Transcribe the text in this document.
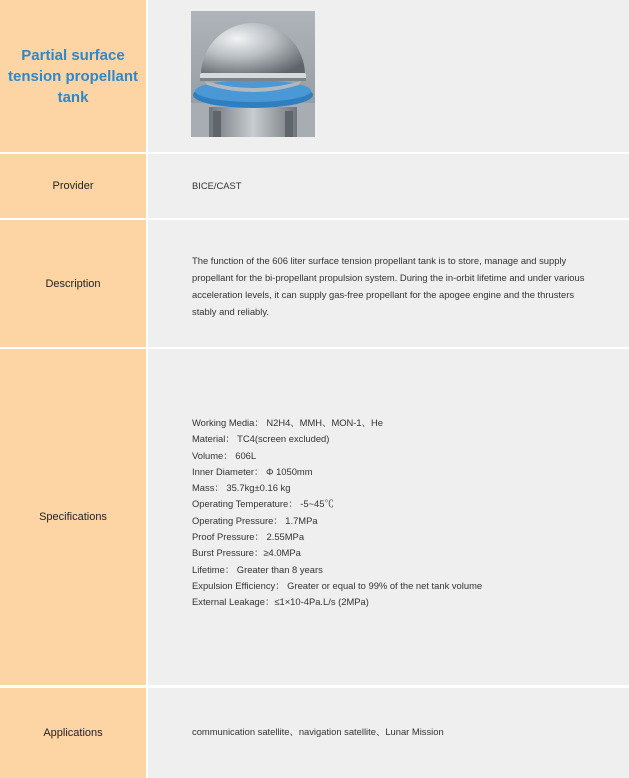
Partial surface tension propellant tank
Provider	BICE/CAST
Description
The function of the 606 liter surface tension propellant tank is to store, manage and supply propellant for the bi-propellant propulsion system. During the in-orbit lifetime and under various acceleration levels, it can supply gas-free propellant for the apogee engine and the thrusters stably and reliably.
Specifications
Working Media： N2H4、MMH、MON-1、He
Material： TC4(screen excluded)
Volume： 606L
Inner Diameter： Φ 1050mm
Mass： 35.7kg±0.16 kg
Operating Temperature： -5~45℃
Operating Pressure： 1.7MPa
Proof Pressure： 2.55MPa
Burst Pressure：≥4.0MPa
Lifetime： Greater than 8 years
Expulsion Efficiency： Greater or equal to 99% of the net tank volume
External Leakage：≤1×10-4Pa.L/s (2MPa)
Applications	communication satellite、navigation satellite、Lunar Mission
